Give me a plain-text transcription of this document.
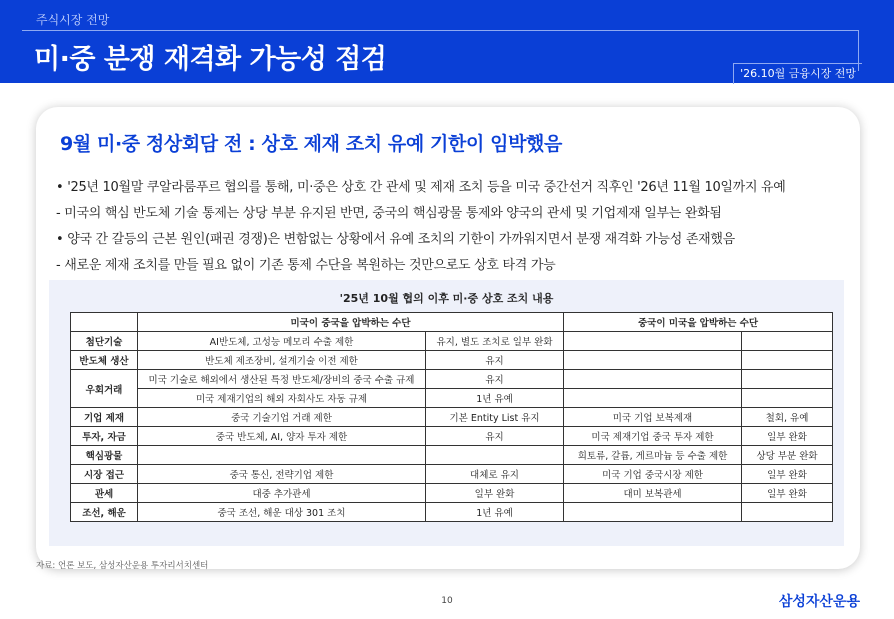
주식시장 전망
미·중 분쟁 재격화 가능성 점검	'26.10월 금융시장 전망
9월 미·중 정상회담 전 : 상호 제재 조치 유예 기한이 임박했음
• '25년 10월말 쿠알라룸푸르 협의를 통해, 미·중은 상호 간 관세 및 제재 조치 등을 미국 중간선거 직후인 '26년 11월 10일까지 유예
- 미국의 핵심 반도체 기술 통제는 상당 부분 유지된 반면, 중국의 핵심광물 통제와 양국의 관세 및 기업제재 일부는 완화됨
• 양국 간 갈등의 근본 원인(패권 경쟁)은 변함없는 상황에서 유예 조치의 기한이 가까워지면서 분쟁 재격화 가능성 존재했음
- 새로운 제재 조치를 만들 필요 없이 기존 통제 수단을 복원하는 것만으로도 상호 타격 가능
'25년 10월 협의 이후 미·중 상호 조치 내용
	미국이 중국을 압박하는 수단		중국이 미국을 압박하는 수단	
첨단기술	AI반도체, 고성능 메모리 수출 제한	유지, 별도 조치로 일부 완화		
반도체 생산	반도체 제조장비, 설계기술 이전 제한	유지		
우회거래	미국 기술로 해외에서 생산된 특정 반도체/장비의 중국 수출 규제	유지		
	미국 제재기업의 해외 자회사도 자동 규제	1년 유예		
기업 제재	중국 기술기업 거래 제한	기본 Entity List 유지	미국 기업 보복제재	철회, 유예
투자, 자금	중국 반도체, AI, 양자 투자 제한	유지	미국 제재기업 중국 투자 제한	일부 완화
핵심광물			희토류, 갈륨, 게르마늄 등 수출 제한	상당 부분 완화
시장 접근	중국 통신, 전략기업 제한	대체로 유지	미국 기업 중국시장 제한	일부 완화
관세	대중 추가관세	일부 완화	대미 보복관세	일부 완화
조선, 해운	중국 조선, 해운 대상 301 조치	1년 유예		
자료: 언론 보도, 삼성자산운용 투자리서치센터
10	삼성자산운용
